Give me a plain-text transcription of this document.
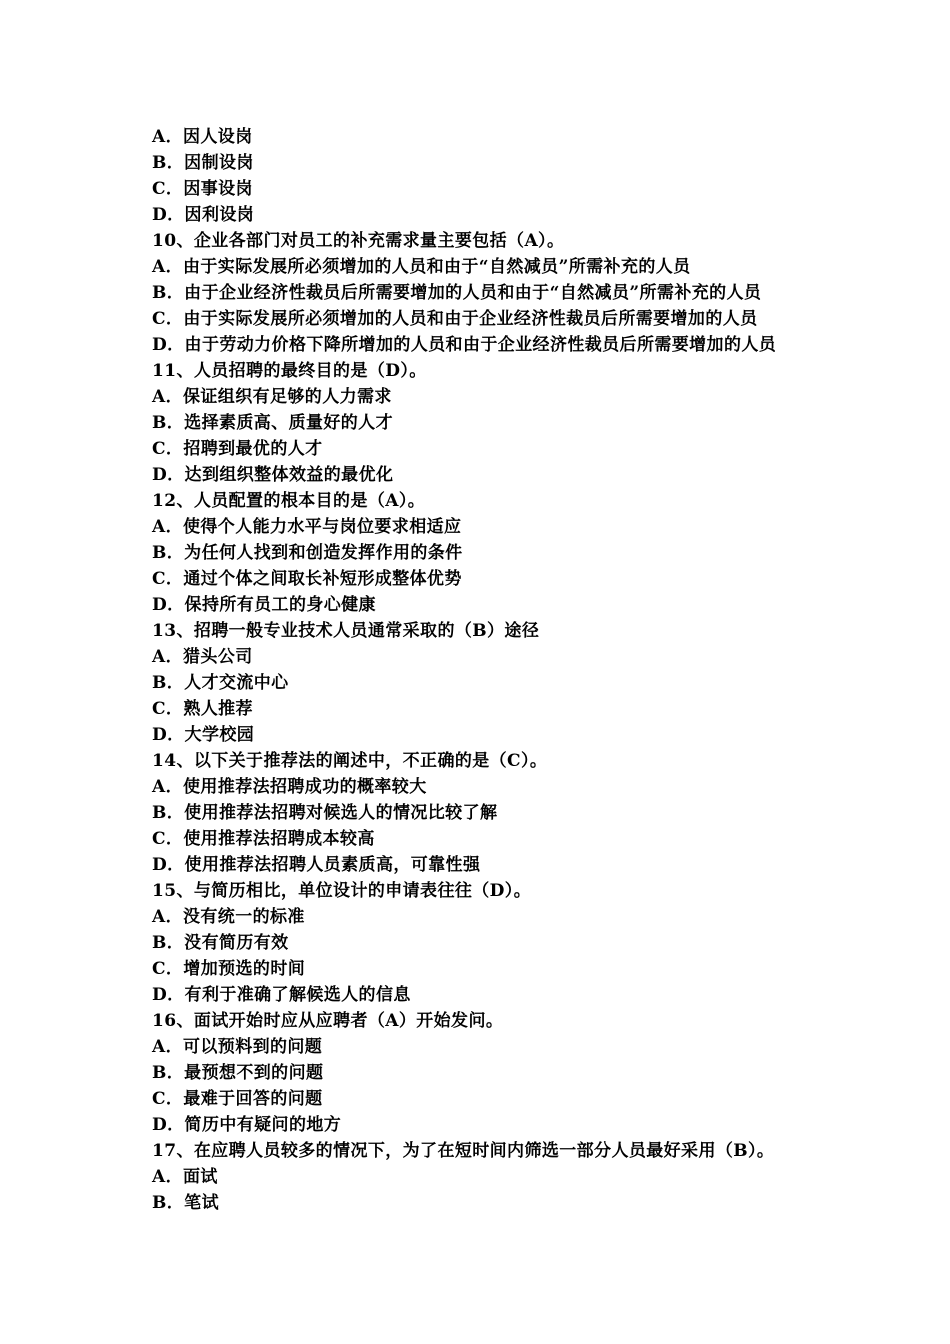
A．因人设岗
B．因制设岗
C．因事设岗
D．因利设岗
10、企业各部门对员工的补充需求量主要包括（A）。
A．由于实际发展所必须增加的人员和由于“自然减员”所需补充的人员
B．由于企业经济性裁员后所需要增加的人员和由于“自然减员”所需补充的人员
C．由于实际发展所必须增加的人员和由于企业经济性裁员后所需要增加的人员
D．由于劳动力价格下降所增加的人员和由于企业经济性裁员后所需要增加的人员
11、人员招聘的最终目的是（D）。
A．保证组织有足够的人力需求
B．选择素质高、质量好的人才
C．招聘到最优的人才
D．达到组织整体效益的最优化
12、人员配置的根本目的是（A）。
A．使得个人能力水平与岗位要求相适应
B．为任何人找到和创造发挥作用的条件
C．通过个体之间取长补短形成整体优势
D．保持所有员工的身心健康
13、招聘一般专业技术人员通常采取的（B）途径
A．猎头公司
B．人才交流中心
C．熟人推荐
D．大学校园
14、以下关于推荐法的阐述中，不正确的是（C）。
A．使用推荐法招聘成功的概率较大
B．使用推荐法招聘对候选人的情况比较了解
C．使用推荐法招聘成本较高
D．使用推荐法招聘人员素质高，可靠性强
15、与简历相比，单位设计的申请表往往（D）。
A．没有统一的标准
B．没有简历有效
C．增加预选的时间
D．有利于准确了解候选人的信息
16、面试开始时应从应聘者（A）开始发问。
A．可以预料到的问题
B．最预想不到的问题
C．最难于回答的问题
D．简历中有疑问的地方
17、在应聘人员较多的情况下，为了在短时间内筛选一部分人员最好采用（B）。
A．面试
B．笔试
